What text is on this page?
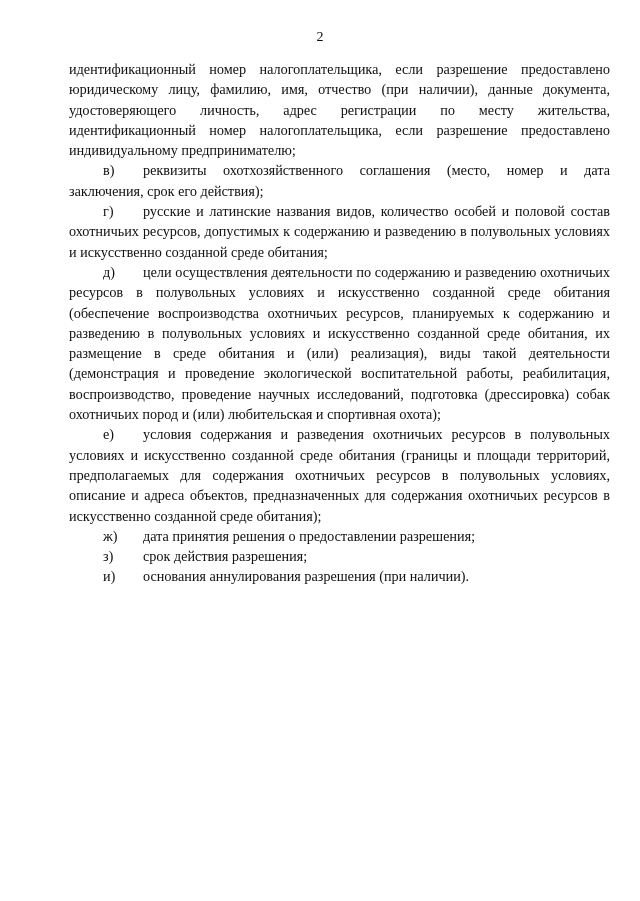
2

идентификационный номер налогоплательщика, если разрешение предоставлено юридическому лицу, фамилию, имя, отчество (при наличии), данные документа, удостоверяющего личность, адрес регистрации по месту жительства, идентификационный номер налогоплательщика, если разрешение предоставлено индивидуальному предпринимателю;

в) реквизиты охотхозяйственного соглашения (место, номер и дата заключения, срок его действия);

г) русские и латинские названия видов, количество особей и половой состав охотничьих ресурсов, допустимых к содержанию и разведению в полувольных условиях и искусственно созданной среде обитания;

д) цели осуществления деятельности по содержанию и разведению охотничьих ресурсов в полувольных условиях и искусственно созданной среде обитания (обеспечение воспроизводства охотничьих ресурсов, планируемых к содержанию и разведению в полувольных условиях и искусственно созданной среде обитания, их размещение в среде обитания и (или) реализация), виды такой деятельности (демонстрация и проведение экологической воспитательной работы, реабилитация, воспроизводство, проведение научных исследований, подготовка (дрессировка) собак охотничьих пород и (или) любительская и спортивная охота);

е) условия содержания и разведения охотничьих ресурсов в полувольных условиях и искусственно созданной среде обитания (границы и площади территорий, предполагаемых для содержания охотничьих ресурсов в полувольных условиях, описание и адреса объектов, предназначенных для содержания охотничьих ресурсов в искусственно созданной среде обитания);

ж) дата принятия решения о предоставлении разрешения;

з) срок действия разрешения;

и) основания аннулирования разрешения (при наличии).
